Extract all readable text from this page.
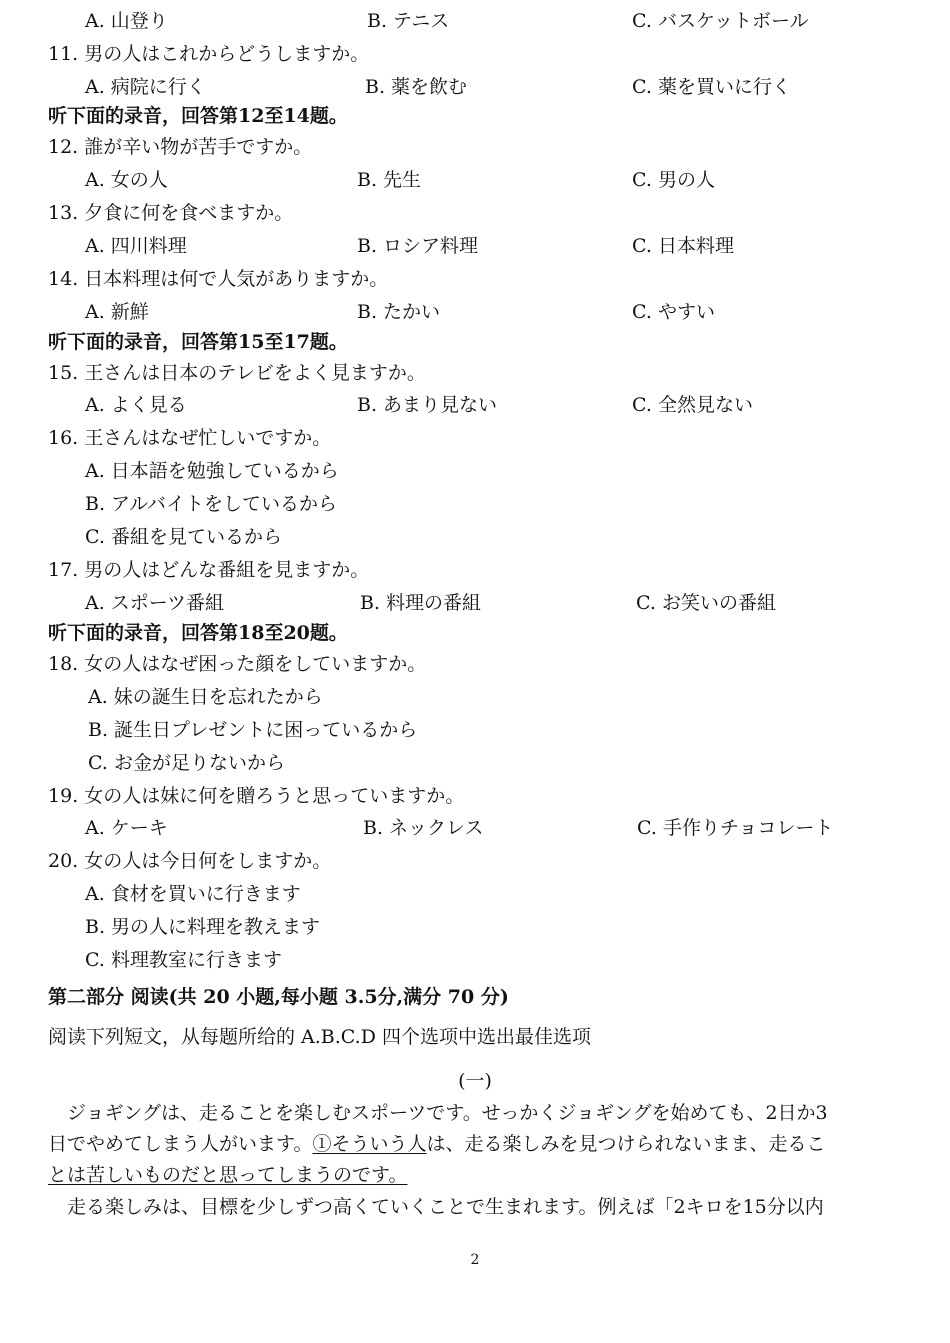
A. 山登り	B. テニス	C. バスケットボール
11. 男の人はこれからどうしますか。
A. 病院に行く	B. 薬を飲む	C. 薬を買いに行く
听下面的录音，回答第12至14题。
12. 誰が辛い物が苦手ですか。
A. 女の人	B. 先生	C. 男の人
13. 夕食に何を食べますか。
A. 四川料理	B. ロシア料理	C. 日本料理
14. 日本料理は何で人気がありますか。
A. 新鮮	B. たかい	C. やすい
听下面的录音，回答第15至17题。
15. 王さんは日本のテレビをよく見ますか。
A. よく見る	B. あまり見ない	C. 全然見ない
16. 王さんはなぜ忙しいですか。
A. 日本語を勉強しているから
B. アルバイトをしているから
C. 番組を見ているから
17. 男の人はどんな番組を見ますか。
A. スポーツ番組	B. 料理の番組	C. お笑いの番組
听下面的录音，回答第18至20题。
18. 女の人はなぜ困った顔をしていますか。
A. 妹の誕生日を忘れたから
B. 誕生日プレゼントに困っているから
C. お金が足りないから
19. 女の人は妹に何を贈ろうと思っていますか。
A. ケーキ	B. ネックレス	C. 手作りチョコレート
20. 女の人は今日何をしますか。
A. 食材を買いに行きます
B. 男の人に料理を教えます
C. 料理教室に行きます
第二部分 阅读(共 20 小题,每小题 3.5分,满分 70 分)
阅读下列短文，从每题所给的 A.B.C.D 四个选项中选出最佳选项
(一)
　ジョギングは、走ることを楽しむスポーツです。せっかくジョギングを始めても、2日か3
日でやめてしまう人がいます。①そういう人は、走る楽しみを見つけられないまま、走るこ
とは苦しいものだと思ってしまうのです。
　走る楽しみは、目標を少しずつ高くていくことで生まれます。例えば「2キロを15分以内
2
